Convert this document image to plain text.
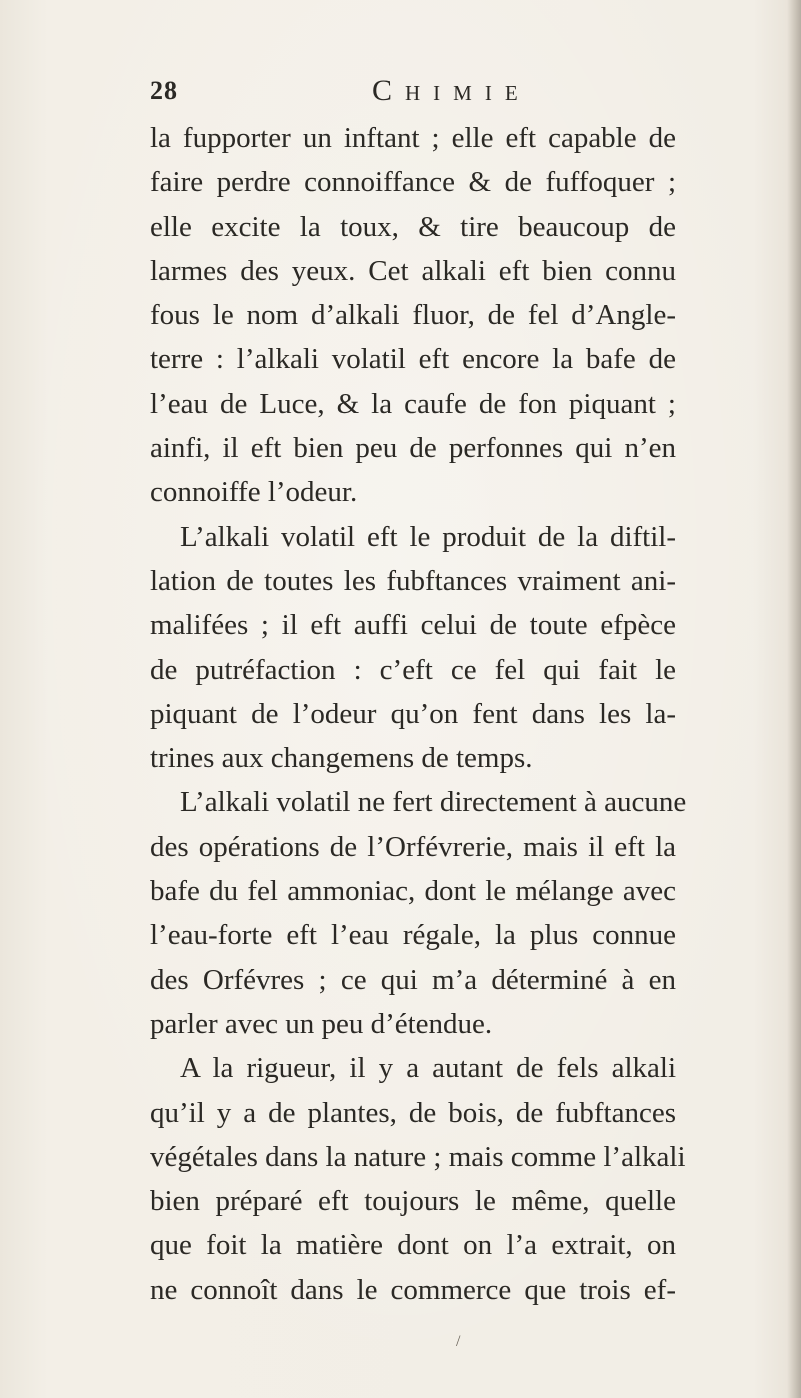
28	Chimie
la fupporter un inftant ; elle eft capable de
faire perdre connoiffance & de fuffoquer ;
elle excite la toux, & tire beaucoup de
larmes des yeux. Cet alkali eft bien connu
fous le nom d’alkali fluor, de fel d’Angle-
terre : l’alkali volatil eft encore la bafe de
l’eau de Luce, & la caufe de fon piquant ;
ainfi, il eft bien peu de perfonnes qui n’en
connoiffe l’odeur.
L’alkali volatil eft le produit de la diftil-
lation de toutes les fubftances vraiment ani-
malifées ; il eft auffi celui de toute efpèce
de putréfaction : c’eft ce fel qui fait le
piquant de l’odeur qu’on fent dans les la-
trines aux changemens de temps.
L’alkali volatil ne fert directement à aucune
des opérations de l’Orfévrerie, mais il eft la
bafe du fel ammoniac, dont le mélange avec
l’eau-forte eft l’eau régale, la plus connue
des Orfévres ; ce qui m’a déterminé à en
parler avec un peu d’étendue.
A la rigueur, il y a autant de fels alkali
qu’il y a de plantes, de bois, de fubftances
végétales dans la nature ; mais comme l’alkali
bien préparé eft toujours le même, quelle
que foit la matière dont on l’a extrait, on
ne connoît dans le commerce que trois ef-
/
